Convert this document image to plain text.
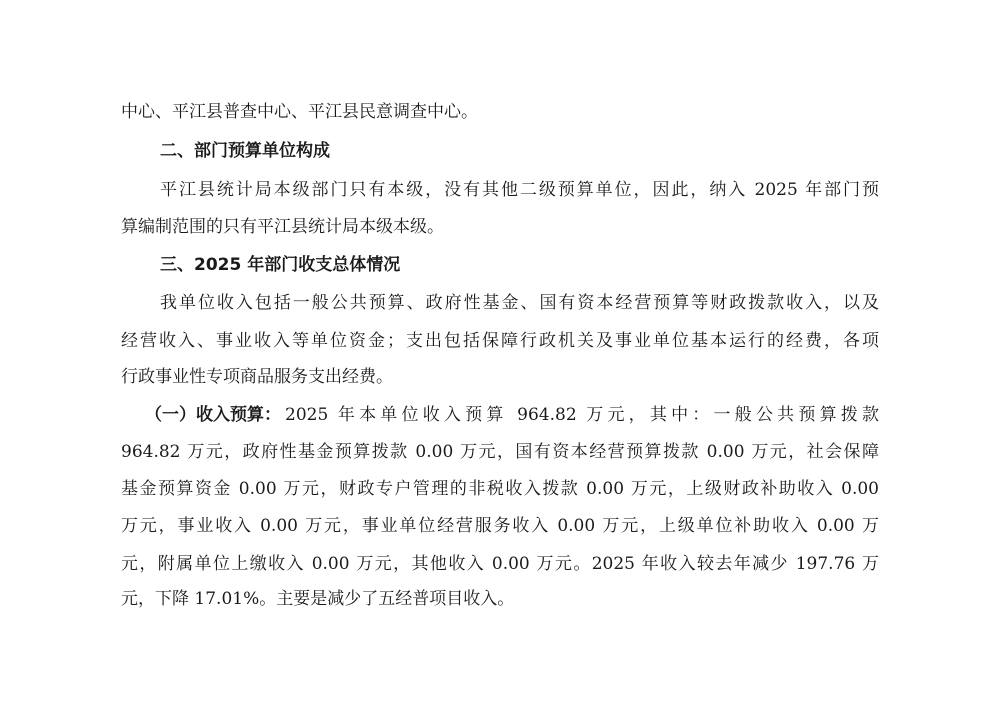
中心、平江县普查中心、平江县民意调查中心。
二、部门预算单位构成
平江县统计局本级部门只有本级，没有其他二级预算单位，因此，纳入 2025 年部门预
算编制范围的只有平江县统计局本级本级。
三、2025 年部门收支总体情况
我单位收入包括一般公共预算、政府性基金、国有资本经营预算等财政拨款收入，以及
经营收入、事业收入等单位资金；支出包括保障行政机关及事业单位基本运行的经费，各项
行政事业性专项商品服务支出经费。
（一）收入预算： 2025 年本单位收入预算 964.82 万元，其中：一般公共预算拨款
964.82 万元，政府性基金预算拨款 0.00 万元，国有资本经营预算拨款 0.00 万元，社会保障
基金预算资金 0.00 万元，财政专户管理的非税收入拨款 0.00 万元，上级财政补助收入 0.00
万元，事业收入 0.00 万元，事业单位经营服务收入 0.00 万元，上级单位补助收入 0.00 万
元，附属单位上缴收入 0.00 万元，其他收入 0.00 万元。2025 年收入较去年减少 197.76 万
元，下降 17.01%。主要是减少了五经普项目收入。
